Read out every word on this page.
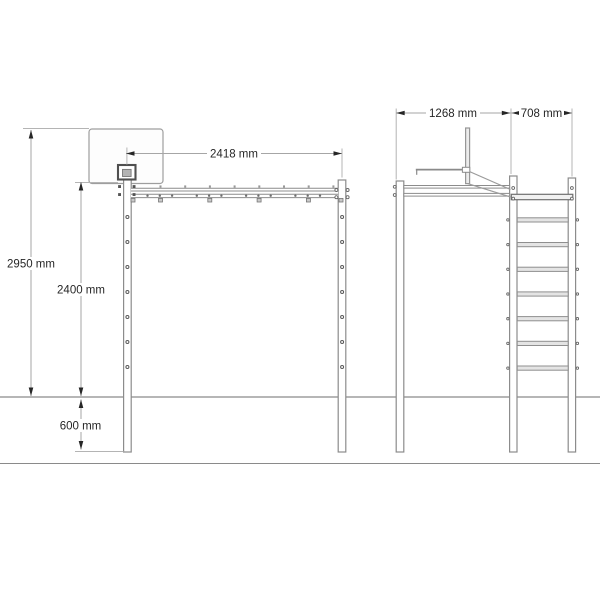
2950 mm
2400 mm
600 mm
2418 mm
1268 mm	708 mm
